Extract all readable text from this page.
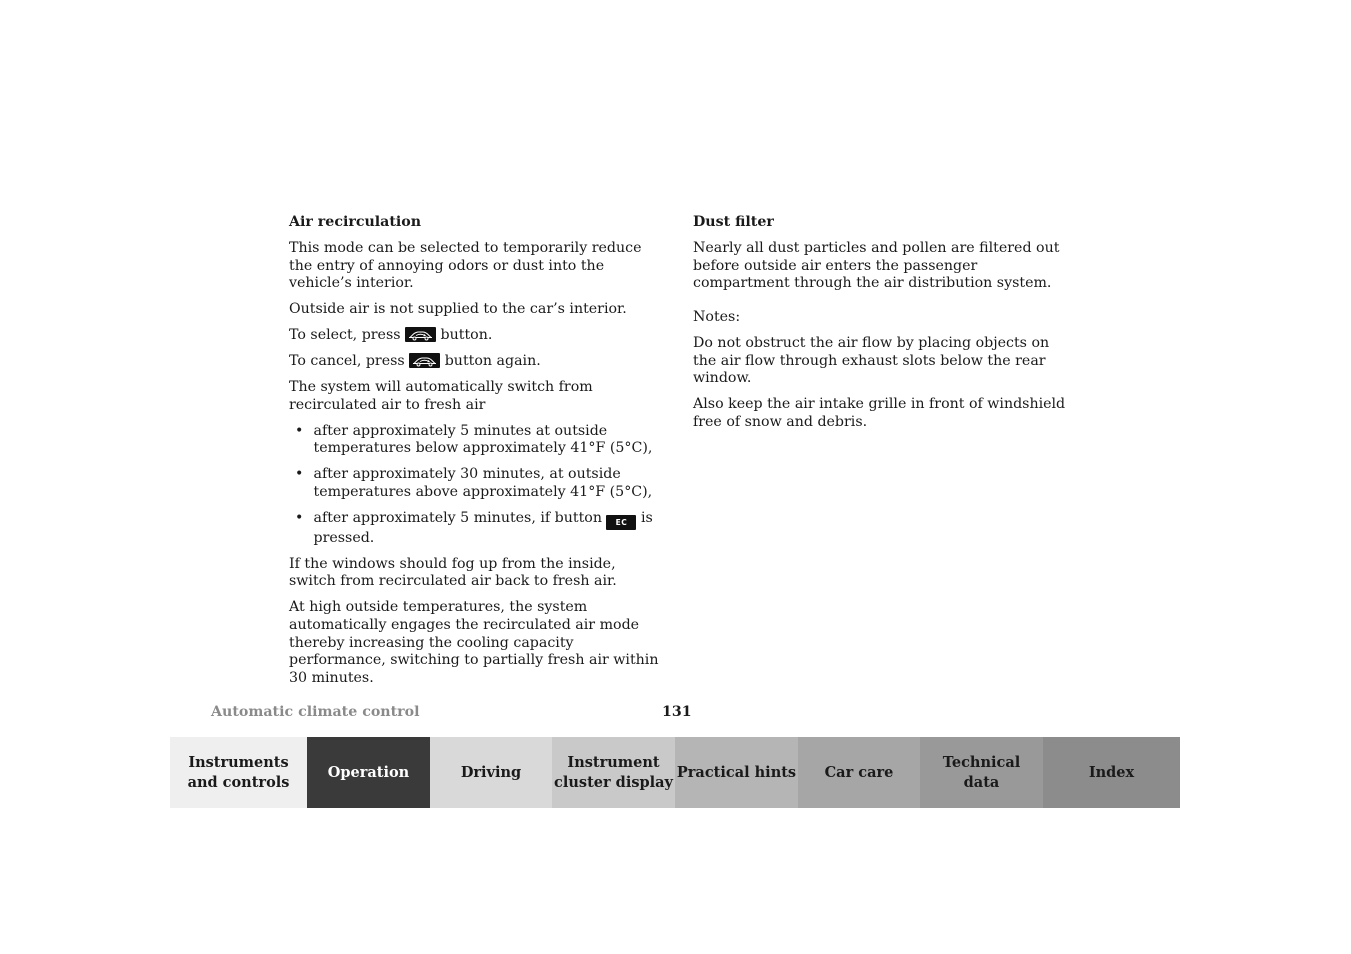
Air recirculation

This mode can be selected to temporarily reduce the entry of annoying odors or dust into the vehicle’s interior.

Outside air is not supplied to the car’s interior.

To select, press	button.

To cancel, press	button again.

The system will automatically switch from recirculated air to fresh air

• after approximately 5 minutes at outside temperatures below approximately 41°F (5°C),
• after approximately 30 minutes, at outside temperatures above approximately 41°F (5°C),
• after approximately 5 minutes, if button EC is pressed.

If the windows should fog up from the inside, switch from recirculated air back to fresh air.

At high outside temperatures, the system automatically engages the recirculated air mode thereby increasing the cooling capacity performance, switching to partially fresh air within 30 minutes.

Dust filter

Nearly all dust particles and pollen are filtered out before outside air enters the passenger compartment through the air distribution system.

Notes:

Do not obstruct the air flow by placing objects on the air flow through exhaust slots below the rear window.

Also keep the air intake grille in front of windshield free of snow and debris.

Automatic climate control	131
Instruments
and controls
Operation	Driving
Instrument
cluster display
Practical hints	Car care
Technical
data
Index
